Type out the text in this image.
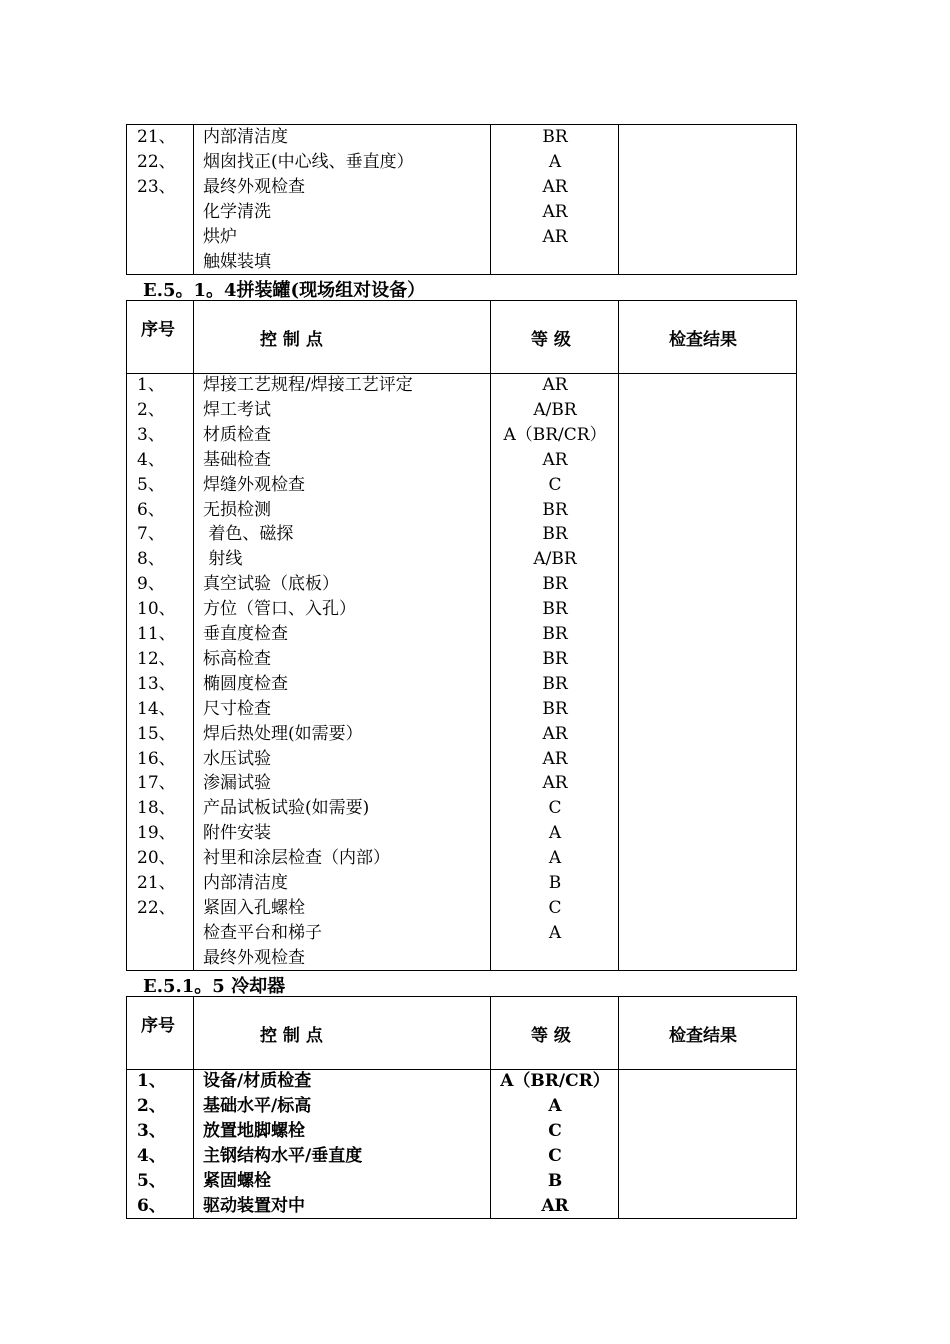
21、 内部清洁度	BR
22、 烟囱找正(中心线、垂直度）	A
23、 最终外观检查	AR
化学清洗	AR
烘炉	AR
触媒装填
E.5。1。4拼装罐(现场组对设备）
序号	控 制 点	等 级	检查结果
1、 焊接工艺规程/焊接工艺评定	AR
2、 焊工考试	A/BR
3、 材质检查	A（BR/CR）
4、 基础检查	AR
5、 焊缝外观检查	C
6、 无损检测	BR
7、 着色、磁探	BR
8、 射线	A/BR
9、 真空试验（底板）	BR
10、 方位（管口、入孔）	BR
11、 垂直度检查	BR
12、 标高检查	BR
13、 椭圆度检查	BR
14、 尺寸检查	BR
15、 焊后热处理(如需要）	AR
16、 水压试验	AR
17、 渗漏试验	AR
18、 产品试板试验(如需要)	C
19、 附件安装	A
20、 衬里和涂层检查（内部）	A
21、 内部清洁度	B
22、 紧固入孔螺栓	C
检查平台和梯子	A
最终外观检查
E.5.1。5 冷却器
序号	控 制 点	等 级	检查结果
1、 设备/材质检查	A（BR/CR）
2、 基础水平/标高	A
3、 放置地脚螺栓	C
4、 主钢结构水平/垂直度	C
5、 紧固螺栓	B
6、 驱动装置对中	AR
